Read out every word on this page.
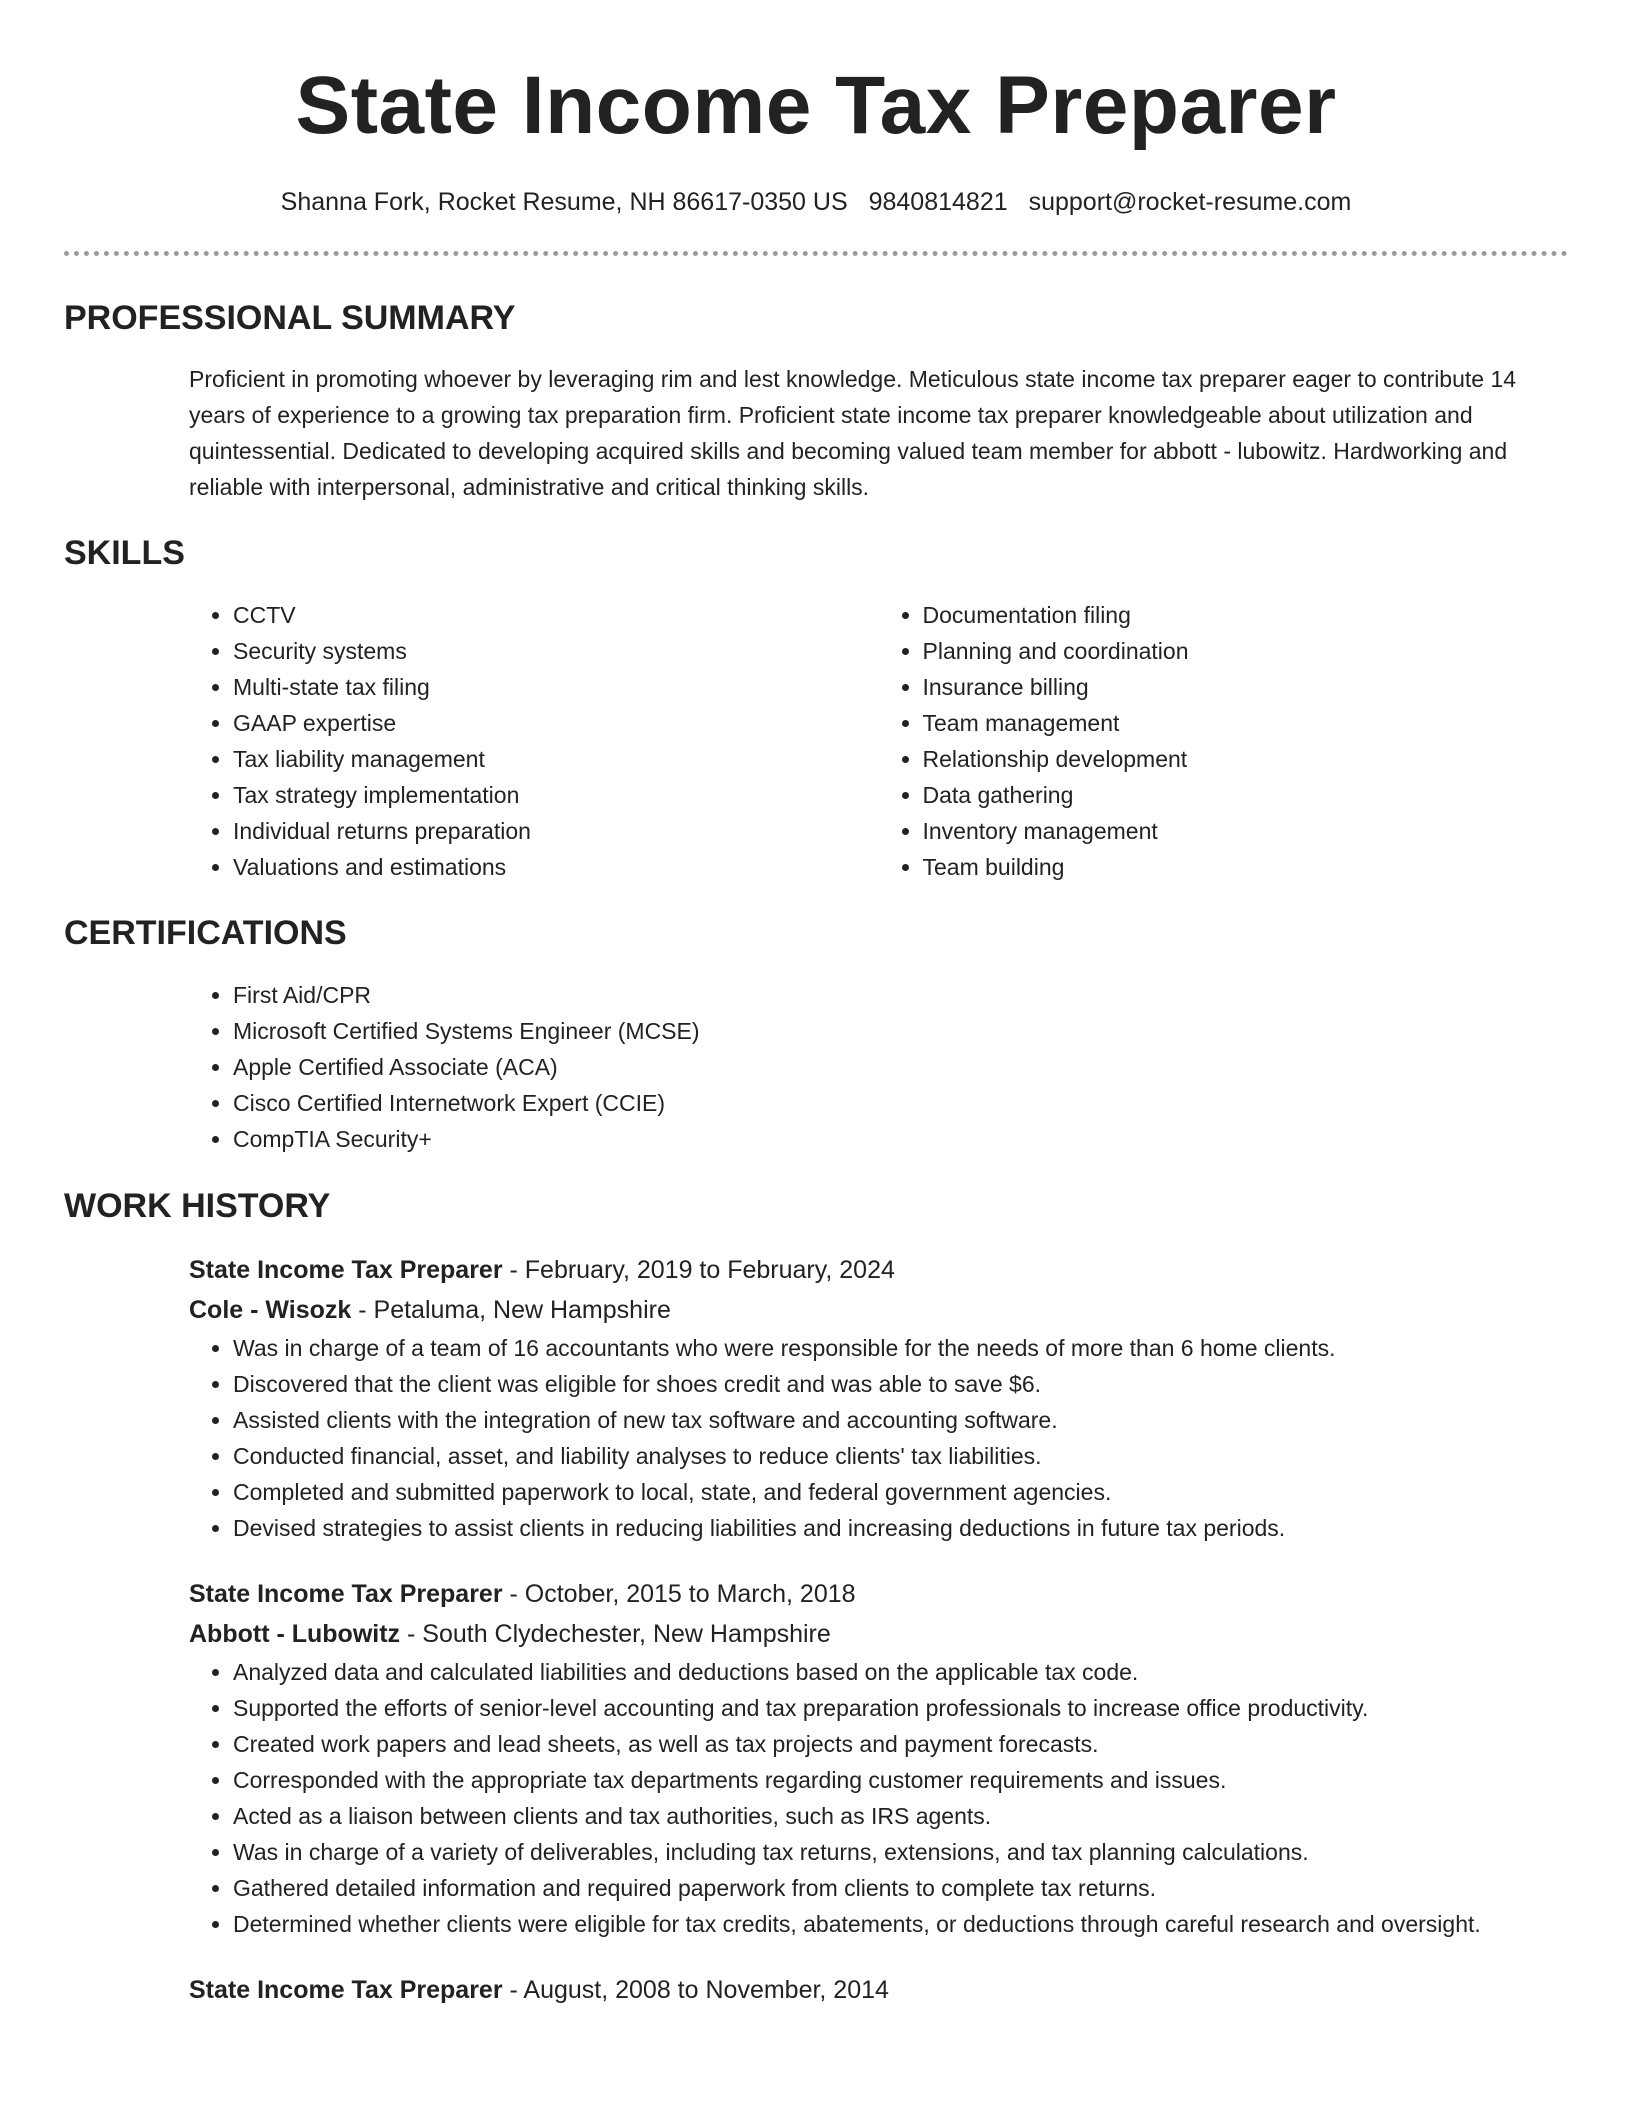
State Income Tax Preparer
Shanna Fork, Rocket Resume, NH 86617-0350 US 9840814821 support@rocket-resume.com
PROFESSIONAL SUMMARY

Proficient in promoting whoever by leveraging rim and lest knowledge. Meticulous state income tax preparer eager to contribute 14 years of experience to a growing tax preparation firm. Proficient state income tax preparer knowledgeable about utilization and quintessential. Dedicated to developing acquired skills and becoming valued team member for abbott - lubowitz. Hardworking and reliable with interpersonal, administrative and critical thinking skills.

SKILLS
• CCTV
• Security systems
• Multi-state tax filing
• GAAP expertise
• Tax liability management
• Tax strategy implementation
• Individual returns preparation
• Valuations and estimations
• Documentation filing
• Planning and coordination
• Insurance billing
• Team management
• Relationship development
• Data gathering
• Inventory management
• Team building
CERTIFICATIONS
• First Aid/CPR
• Microsoft Certified Systems Engineer (MCSE)
• Apple Certified Associate (ACA)
• Cisco Certified Internetwork Expert (CCIE)
• CompTIA Security+
WORK HISTORY
State Income Tax Preparer - February, 2019 to February, 2024
Cole - Wisozk - Petaluma, New Hampshire
• Was in charge of a team of 16 accountants who were responsible for the needs of more than 6 home clients.
• Discovered that the client was eligible for shoes credit and was able to save $6.
• Assisted clients with the integration of new tax software and accounting software.
• Conducted financial, asset, and liability analyses to reduce clients' tax liabilities.
• Completed and submitted paperwork to local, state, and federal government agencies.
• Devised strategies to assist clients in reducing liabilities and increasing deductions in future tax periods.
State Income Tax Preparer - October, 2015 to March, 2018
Abbott - Lubowitz - South Clydechester, New Hampshire
• Analyzed data and calculated liabilities and deductions based on the applicable tax code.
• Supported the efforts of senior-level accounting and tax preparation professionals to increase office productivity.
• Created work papers and lead sheets, as well as tax projects and payment forecasts.
• Corresponded with the appropriate tax departments regarding customer requirements and issues.
• Acted as a liaison between clients and tax authorities, such as IRS agents.
• Was in charge of a variety of deliverables, including tax returns, extensions, and tax planning calculations.
• Gathered detailed information and required paperwork from clients to complete tax returns.
• Determined whether clients were eligible for tax credits, abatements, or deductions through careful research and oversight.
State Income Tax Preparer - August, 2008 to November, 2014
